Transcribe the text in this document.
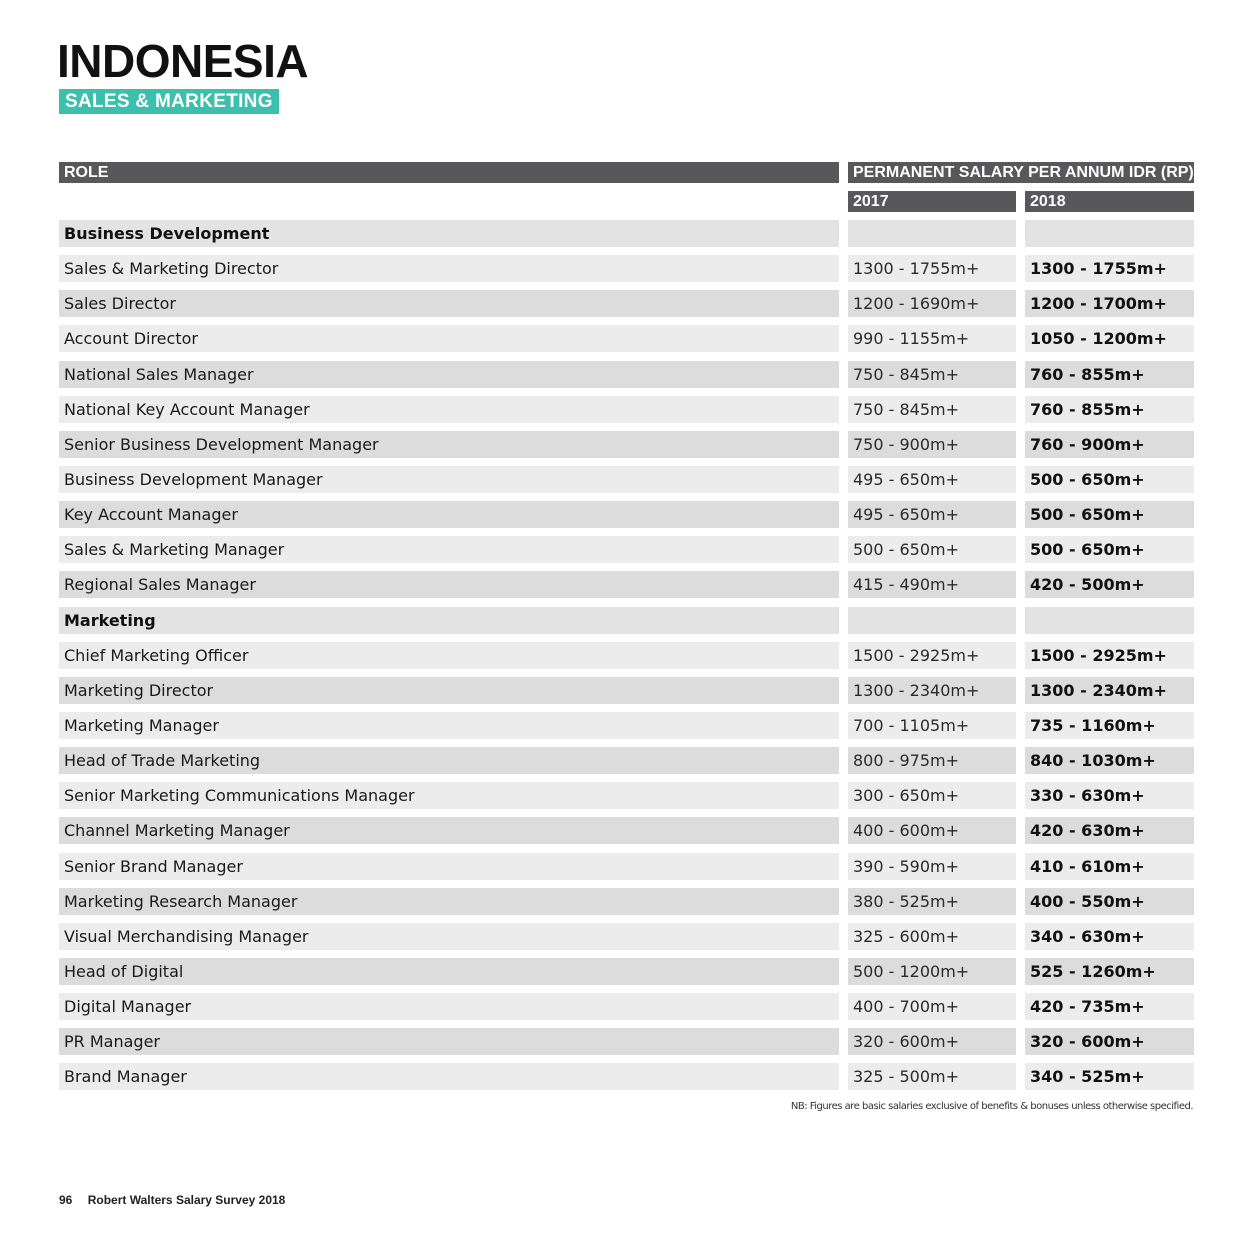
INDONESIA
SALES & MARKETING
ROLE	PERMANENT SALARY PER ANNUM IDR (RP)
2017	2018
Business Development
Sales & Marketing Director	1300 - 1755m+	1300 - 1755m+
Sales Director	1200 - 1690m+	1200 - 1700m+
Account Director	990 - 1155m+	1050 - 1200m+
National Sales Manager	750 - 845m+	760 - 855m+
National Key Account Manager	750 - 845m+	760 - 855m+
Senior Business Development Manager	750 - 900m+	760 - 900m+
Business Development Manager	495 - 650m+	500 - 650m+
Key Account Manager	495 - 650m+	500 - 650m+
Sales & Marketing Manager	500 - 650m+	500 - 650m+
Regional Sales Manager	415 - 490m+	420 - 500m+
Marketing
Chief Marketing Officer	1500 - 2925m+	1500 - 2925m+
Marketing Director	1300 - 2340m+	1300 - 2340m+
Marketing Manager	700 - 1105m+	735 - 1160m+
Head of Trade Marketing	800 - 975m+	840 - 1030m+
Senior Marketing Communications Manager	300 - 650m+	330 - 630m+
Channel Marketing Manager	400 - 600m+	420 - 630m+
Senior Brand Manager	390 - 590m+	410 - 610m+
Marketing Research Manager	380 - 525m+	400 - 550m+
Visual Merchandising Manager	325 - 600m+	340 - 630m+
Head of Digital	500 - 1200m+	525 - 1260m+
Digital Manager	400 - 700m+	420 - 735m+
PR Manager	320 - 600m+	320 - 600m+
Brand Manager	325 - 500m+	340 - 525m+
NB: Figures are basic salaries exclusive of benefits & bonuses unless otherwise specified.
96 Robert Walters Salary Survey 2018
